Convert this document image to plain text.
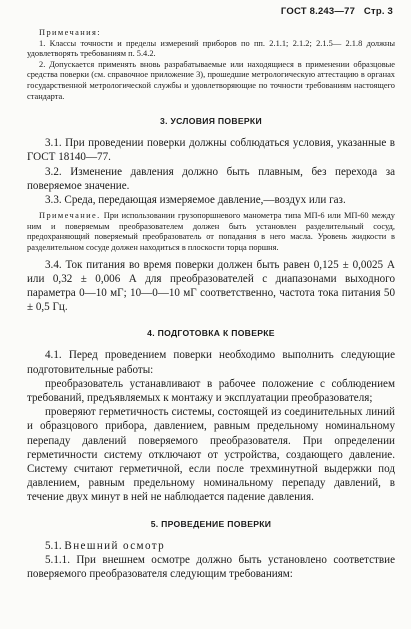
ГОСТ 8.243—77 Стр. 3

Примечания:

1. Классы точности и пределы измерений приборов по пп. 2.1.1; 2.1.2; 2.1.5— 2.1.8 должны удовлетворять требованиям п. 5.4.2.

2. Допускается применять вновь разрабатываемые или находящиеся в применении образцовые средства поверки (см. справочное приложение 3), прошедшие метрологическую аттестацию в органах государственной метрологической службы и удовлетворяющие по точности требованиям настоящего стандарта.

3. УСЛОВИЯ ПОВЕРКИ

3.1. При проведении поверки должны соблюдаться условия, указанные в ГОСТ 18140—77.

3.2. Изменение давления должно быть плавным, без перехода за поверяемое значение.

3.3. Среда, передающая измеряемое давление,—воздух или газ.

Примечание. При использовании грузопоршневого манометра типа МП-6 или МП-60 между ним и поверяемым преобразователем должен быть установлен разделительный сосуд, предохраняющий поверяемый преобразователь от попадания в него масла. Уровень жидкости в разделительном сосуде должен находиться в плоскости торца поршня.

3.4. Ток питания во время поверки должен быть равен 0,125 ± 0,0025 А или 0,32 ± 0,006 А для преобразователей с диапазонами выходного параметра 0—10 мГ; 10—0—10 мГ соответственно, частота тока питания 50 ± 0,5 Гц.

4. ПОДГОТОВКА К ПОВЕРКЕ

4.1. Перед проведением поверки необходимо выполнить следующие подготовительные работы:

преобразователь устанавливают в рабочее положение с соблюдением требований, предъявляемых к монтажу и эксплуатации преобразователя;

проверяют герметичность системы, состоящей из соединительных линий и образцового прибора, давлением, равным предельному номинальному перепаду давлений поверяемого преобразователя. При определении герметичности систему отключают от устройства, создающего давление. Систему считают герметичной, если после трехминутной выдержки под давлением, равным предельному номинальному перепаду давлений, в течение двух минут в ней не наблюдается падение давления.

5. ПРОВЕДЕНИЕ ПОВЕРКИ

5.1. Внешний осмотр

5.1.1. При внешнем осмотре должно быть установлено соответствие поверяемого преобразователя следующим требованиям:
